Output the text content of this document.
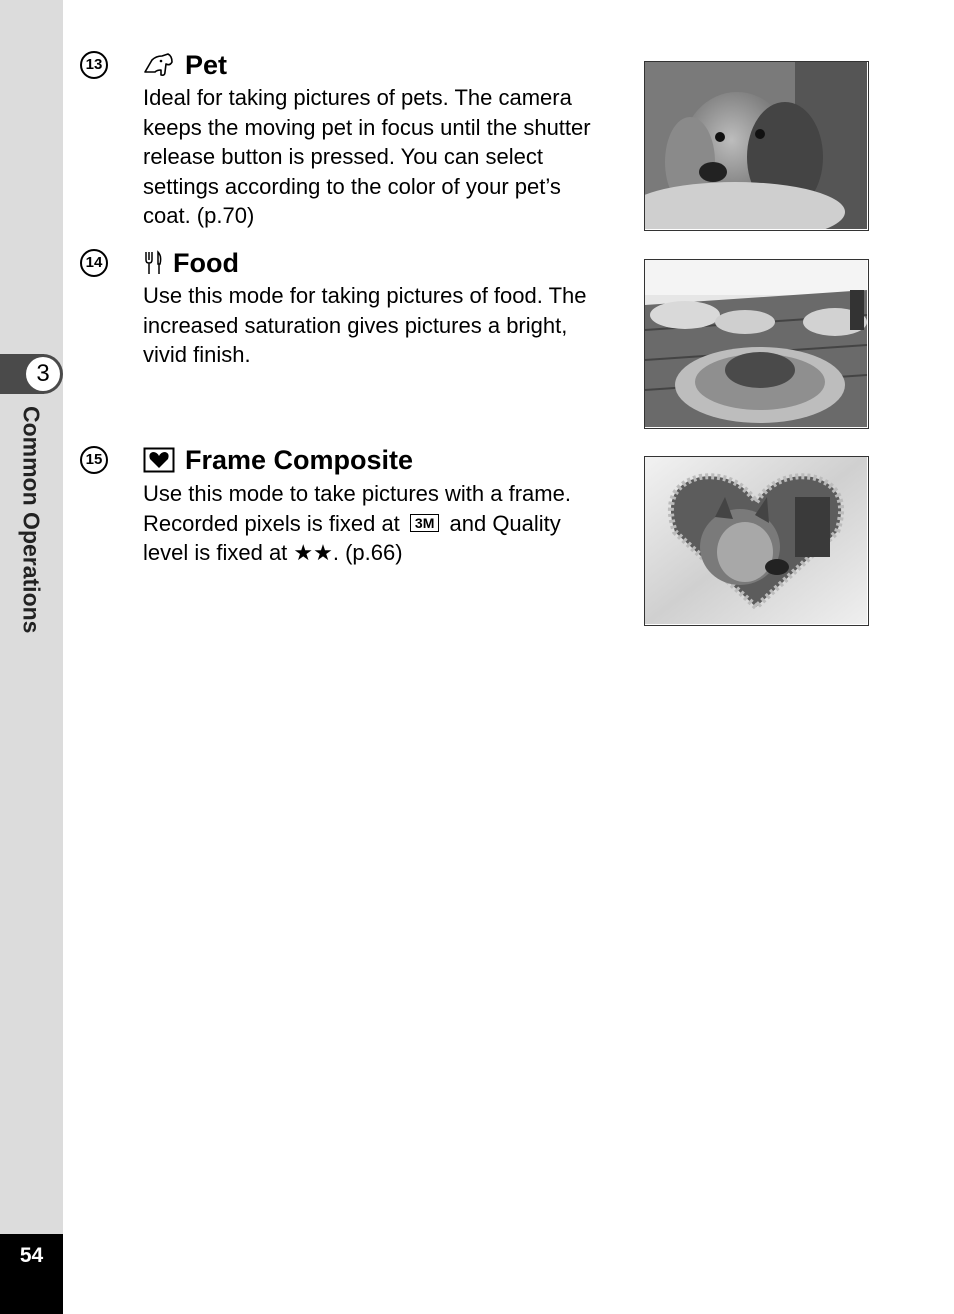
3
Common Operations
54
13	Pet
Ideal for taking pictures of pets. The camera
keeps the moving pet in focus until the shutter
release button is pressed. You can select
settings according to the color of your pet’s
coat. (p.70)
14	Food
Use this mode for taking pictures of food. The
increased saturation gives pictures a bright,
vivid finish.
15	Frame Composite
Use this mode to take pictures with a frame.
Recorded pixels is fixed at 3M and Quality
level is fixed at ★★. (p.66)
